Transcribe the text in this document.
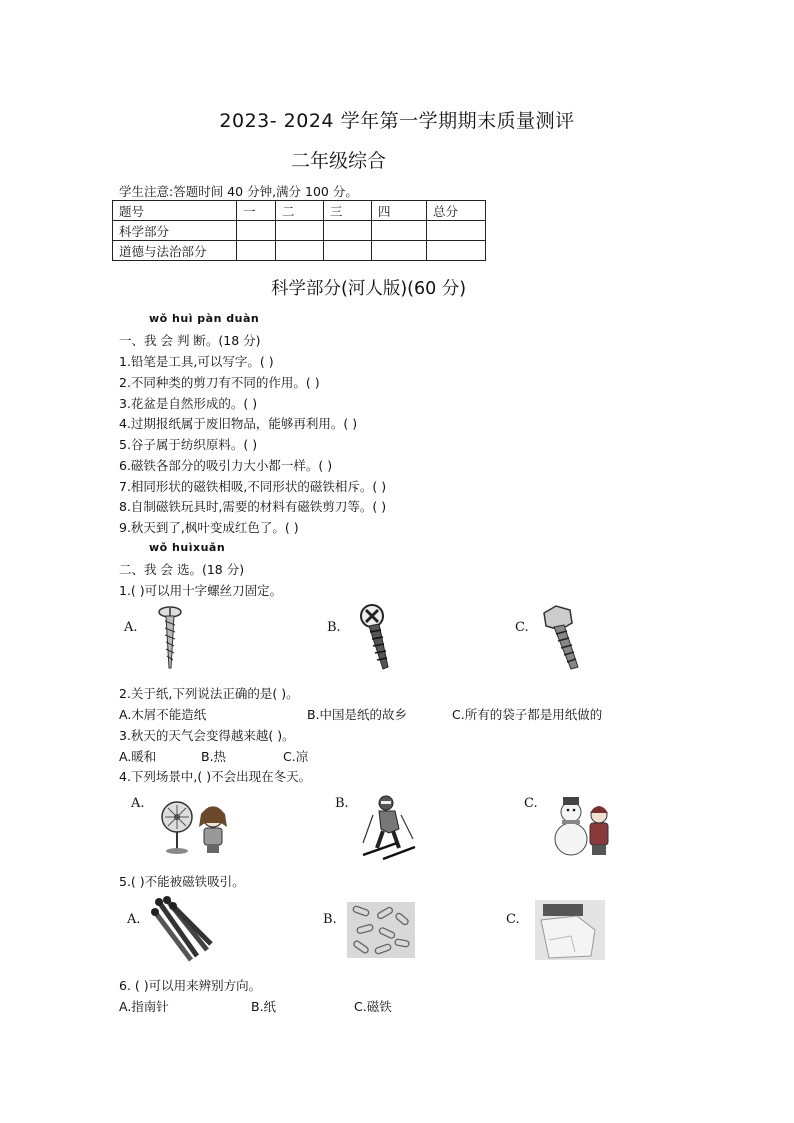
2023- 2024 学年第一学期期末质量测评
二年级综合
学生注意:答题时间 40 分钟,满分 100 分。
题号	一	二	三	四	总分
科学部分					
道德与法治部分					
科学部分(河人版)(60 分)
wǒ huì pàn duàn
一、我 会 判 断。(18 分)
1.铅笔是工具,可以写字。( )
2.不同种类的剪刀有不同的作用。( )
3.花盆是自然形成的。( )
4.过期报纸属于废旧物品，能够再利用。( )
5.谷子属于纺织原料。( )
6.磁铁各部分的吸引力大小都一样。( )
7.相同形状的磁铁相吸,不同形状的磁铁相斥。( )
8.自制磁铁玩具时,需要的材料有磁铁剪刀等。( )
9.秋天到了,枫叶变成红色了。( )
wǒ huìxuǎn
二、我 会 选。(18 分)
1.( )可以用十字螺丝刀固定。
A.	B.	C.
2.关于纸,下列说法正确的是( )。
A.木屑不能造纸	B.中国是纸的故乡	C.所有的袋子都是用纸做的
3.秋天的天气会变得越来越( )。
A.暖和	B.热	C.凉
4.下列场景中,( )不会出现在冬天。
A.	B.	C.
5.( )不能被磁铁吸引。
A.	B.	C.
6. ( )可以用来辨别方向。
A.指南针	B.纸	C.磁铁
